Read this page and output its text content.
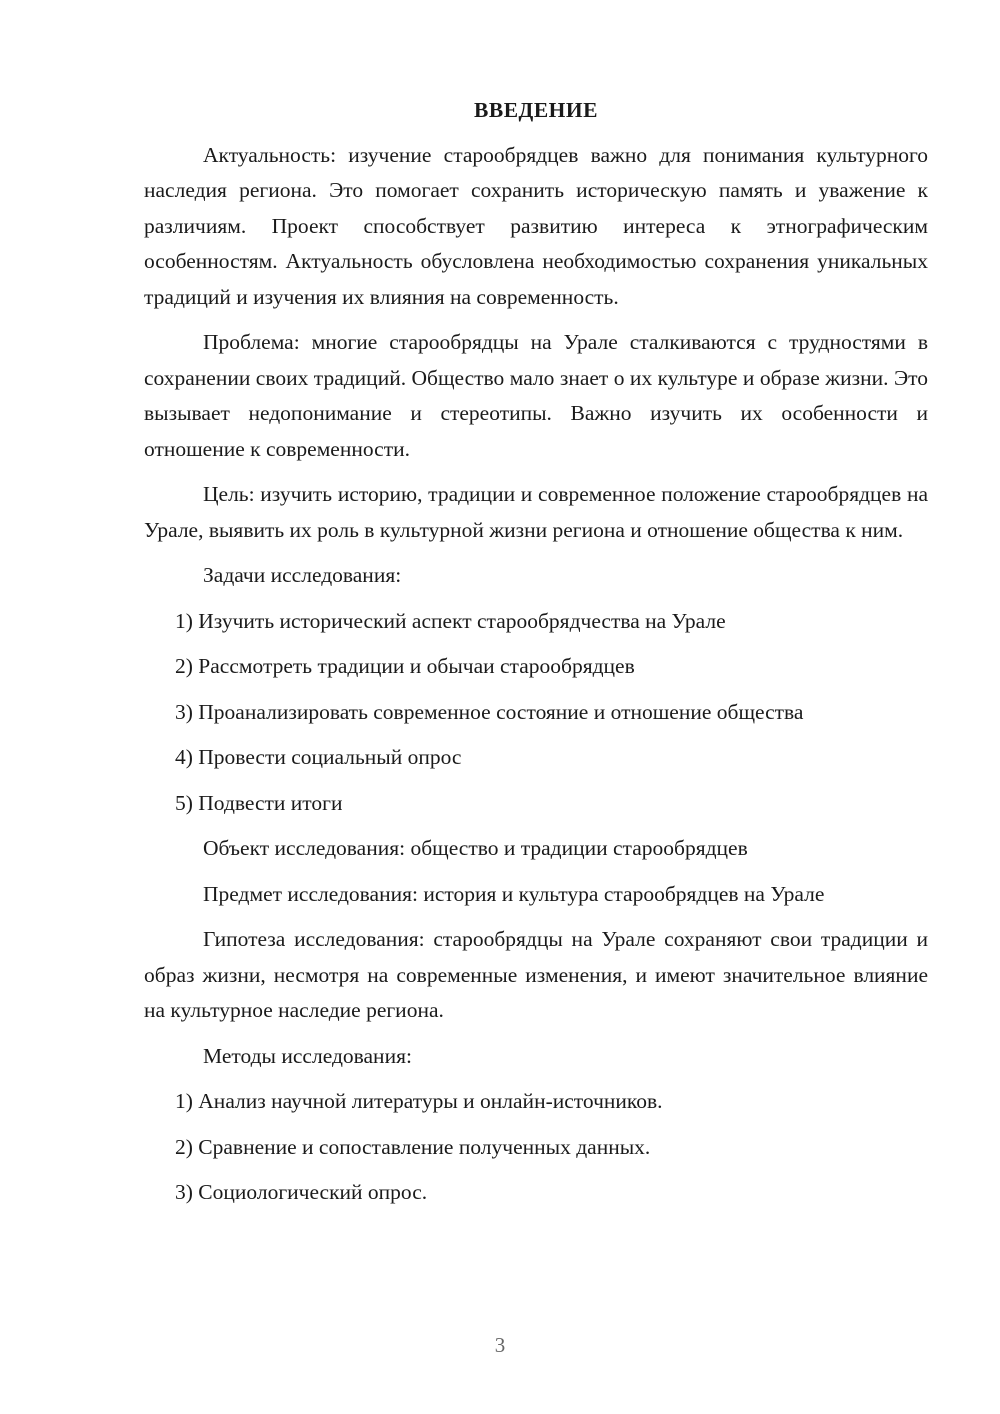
ВВЕДЕНИЕ

Актуальность: изучение старообрядцев важно для понимания культурного наследия региона. Это помогает сохранить историческую память и уважение к различиям. Проект способствует развитию интереса к этнографическим особенностям. Актуальность обусловлена необходимостью сохранения уникальных традиций и изучения их влияния на современность.

Проблема: многие старообрядцы на Урале сталкиваются с трудностями в сохранении своих традиций. Общество мало знает о их культуре и образе жизни. Это вызывает недопонимание и стереотипы. Важно изучить их особенности и отношение к современности.

Цель: изучить историю, традиции и современное положение старообрядцев на Урале, выявить их роль в культурной жизни региона и отношение общества к ним.

Задачи исследования:

1) Изучить исторический аспект старообрядчества на Урале
2) Рассмотреть традиции и обычаи старообрядцев
3) Проанализировать современное состояние и отношение общества
4) Провести социальный опрос
5) Подвести итоги

Объект исследования: общество и традиции старообрядцев

Предмет исследования: история и культура старообрядцев на Урале

Гипотеза исследования: старообрядцы на Урале сохраняют свои традиции и образ жизни, несмотря на современные изменения, и имеют значительное влияние на культурное наследие региона.

Методы исследования:

1) Анализ научной литературы и онлайн-источников.
2) Сравнение и сопоставление полученных данных.
3) Социологический опрос.
3
